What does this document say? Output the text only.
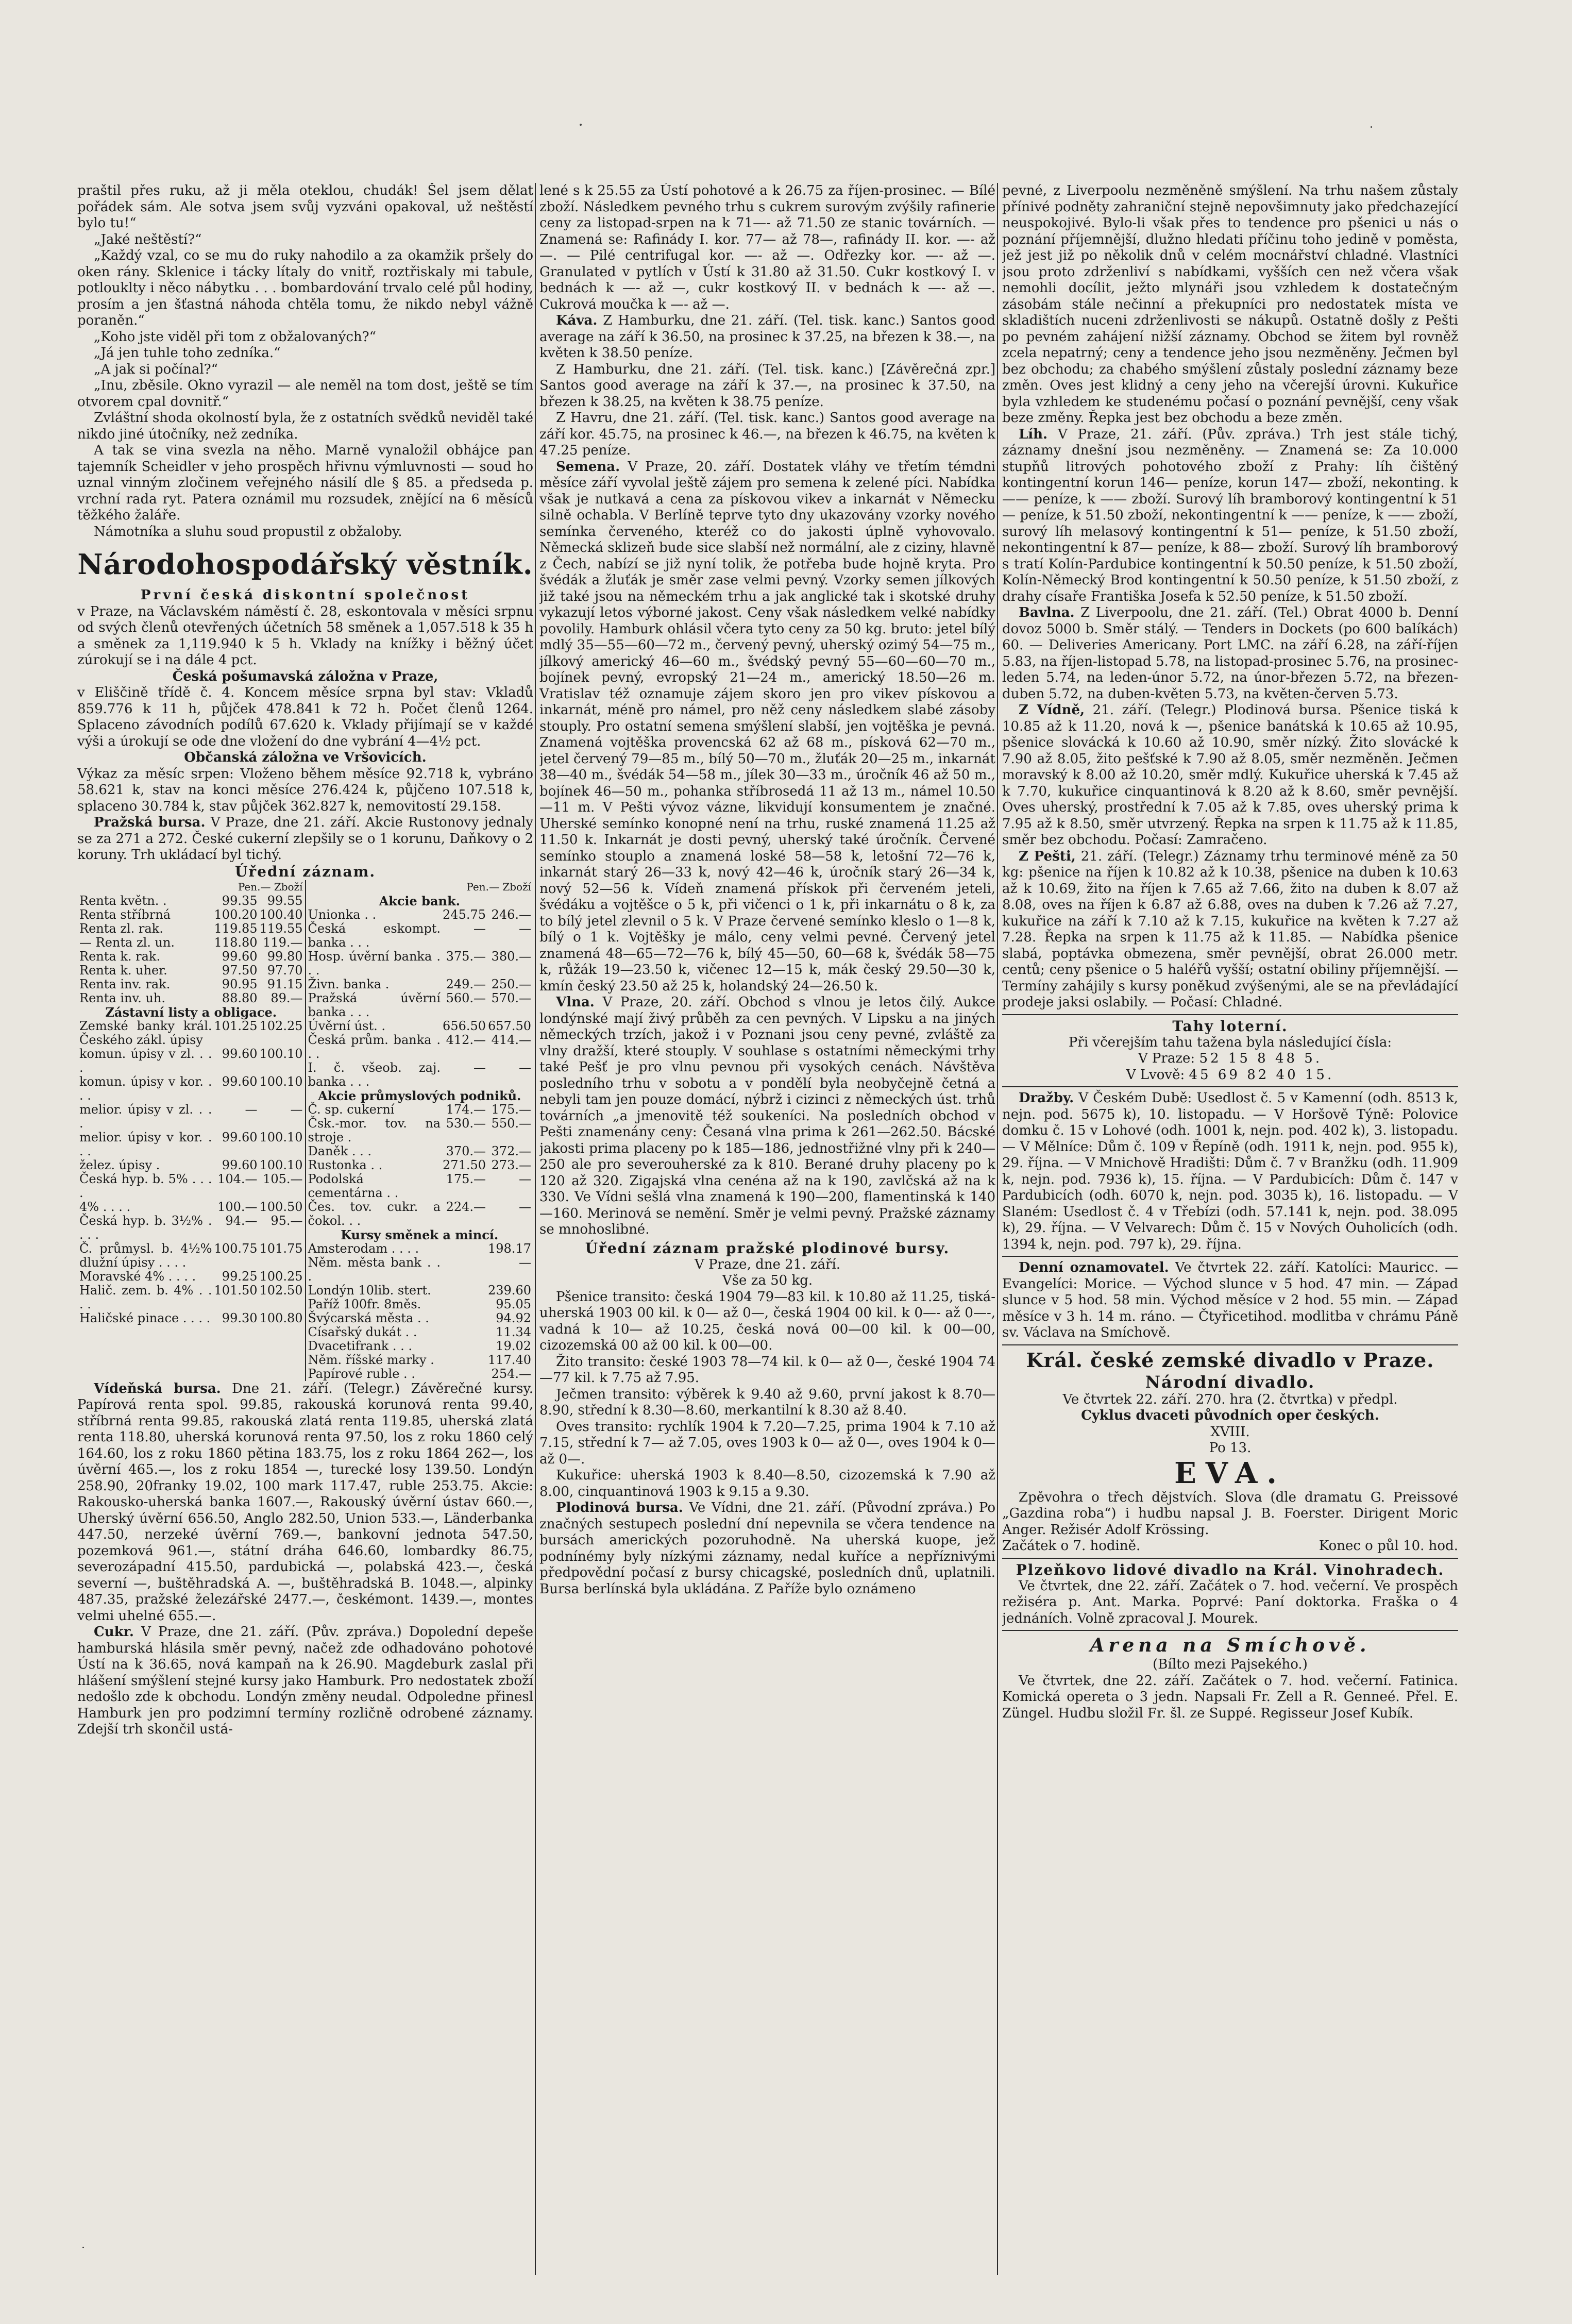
praštil přes ruku, až ji měla oteklou, chudák! Šel jsem dělat pořádek sám. Ale sotva jsem svůj vyzváni opakoval, už neštěstí bylo tu!“

„Jaké neštěstí?“

„Každý vzal, co se mu do ruky nahodilo a za okamžik pršely do oken rány. Sklenice i tácky lítaly do vnitř, roztřiskaly mi tabule, potlouklty i něco nábytku . . . bombardování trvalo celé půl hodiny, prosím a jen šťastná náhoda chtěla tomu, že nikdo nebyl vážně poraněn.“

„Koho jste viděl při tom z obžalovaných?“

„Já jen tuhle toho zedníka.“

„A jak si počínal?“

„Inu, zběsile. Okno vyrazil — ale neměl na tom dost, ještě se tím otvorem cpal dovnitř.“

Zvláštní shoda okolností byla, že z ostatních svědků neviděl také nikdo jiné útočníky, než zedníka.

A tak se vina svezla na něho. Marně vynaložil obhájce pan tajemník Scheidler v jeho prospěch hřivnu výmluvnosti — soud ho uznal vinným zločinem veřejného násilí dle § 85. a předseda p. vrchní rada ryt. Patera oznámil mu rozsudek, znějící na 6 měsíců těžkého žaláře.

Námotníka a sluhu soud propustil z obžaloby.

Národohospodářský věstník.

První česká diskontní společnost

v Praze, na Václavském náměstí č. 28, eskontovala v měsíci srpnu od svých členů otevřených účetních 58 směnek a 1,057.518 k 35 h a směnek za 1,119.940 k 5 h. Vklady na knížky i běžný účet zúrokují se i na dále 4 pct.

Česká pošumavská záložna v Praze,

v Eliščině třídě č. 4. Koncem měsíce srpna byl stav: Vkladů 859.776 k 11 h, půjček 478.841 k 72 h. Počet členů 1264. Splaceno závodních podílů 67.620 k. Vklady přijímají se v každé výši a úrokují se ode dne vložení do dne vybrání 4—4½ pct.

Občanská záložna ve Vršovicích.

Výkaz za měsíc srpen: Vloženo během měsíce 92.718 k, vybráno 58.621 k, stav na konci měsíce 276.424 k, půjčeno 107.518 k, splaceno 30.784 k, stav půjček 362.827 k, nemovitostí 29.158.

Pražská bursa. V Praze, dne 21. září. Akcie Rustonovy jednaly se za 271 a 272. České cukerní zlepšily se o 1 korunu, Daňkovy o 2 koruny. Trh ukládací byl tichý.

Úřední záznam.
	Pen.— Zboží
Renta květn. .	99.35	99.55
Renta stříbrná	100.20	100.40
Renta zl. rak.	119.85	119.55
— Renta zl. un.	118.80	119.—
Renta k. rak.	99.60	99.80
Renta k. uher.	97.50	97.70
Renta inv. rak.	90.95	91.15
Renta inv. uh.	88.80	89.—
Zástavní listy a obligace.
Zemské banky král. Českého zákl. úpisy	101.25	102.25
komun. úpisy v zl. . . .	99.60	100.10
komun. úpisy v kor. . . .	99.60	100.10
melior. úpisy v zl. . . .	—	—
melior. úpisy v kor. . . .	99.60	100.10
želez. úpisy .	99.60	100.10
Česká hyp. b. 5% . . . .	104.—	105.—
4% . . . .	100.—	100.50
Česká hyp. b. 3½% . . . .	94.—	95.—
Č. průmysl. b. 4½% dlužní úpisy . . . .	100.75	101.75
Moravské 4% . . . .	99.25	100.25
Halič. zem. b. 4% . . . .	101.50	102.50
Haličské pinace . . . .	99.30	100.80

	Pen.— Zboží
Akcie bank.
Unionka . .	245.75	246.—
Česká eskompt. banka . . .	—	—
Hosp. úvěrní banka . . .	375.—	380.—
Živn. banka .	249.—	250.—
Pražská úvěrní banka . . .	560.—	570.—
Úvěrní úst. .	656.50	657.50
Česká prům. banka . . .	412.—	414.—
I. č. všeob. zaj. banka . . .	—	—
Akcie průmyslových podniků.
Č. sp. cukerní	174.—	175.—
Čsk.-mor. tov. na stroje .	530.—	550.—
Daněk . . .	370.—	372.—
Rustonka . .	271.50	273.—
Podolská cementárna . .	175.—	—
Čes. tov. cukr. a čokol. . .	224.—	—
Kursy směnek a mincí.
Amsterodam . . . .		198.17
Něm. města bank . . .		—
Londýn 10lib. stert.		239.60
Paříž 100fr. 8měs.		95.05
Švýcarská města . .		94.92
Císařský dukát . .		11.34
Dvacetifrank . . .		19.02
Něm. říšské marky .		117.40
Papírové ruble . .		254.—

Vídeňská bursa. Dne 21. září. (Telegr.) Závěrečné kursy. Papírová renta spol. 99.85, rakouská korunová renta 99.40, stříbrná renta 99.85, rakouská zlatá renta 119.85, uherská zlatá renta 118.80, uherská korunová renta 97.50, los z roku 1860 celý 164.60, los z roku 1860 pětina 183.75, los z roku 1864 262—, los úvěrní 465.—, los z roku 1854 —, turecké losy 139.50. Londýn 258.90, 20franky 19.02, 100 mark 117.47, ruble 253.75. Akcie: Rakousko-uherská banka 1607.—, Rakouský úvěrní ústav 660.—, Uherský úvěrní 656.50, Anglo 282.50, Union 533.—, Länderbanka 447.50, nerzeké úvěrní 769.—, bankovní jednota 547.50, pozemková 961.—, státní dráha 646.60, lombardky 86.75, severozápadní 415.50, pardubická —, polabská 423.—, česká severní —, buštěhradská A. —, buštěhradská B. 1048.—, alpinky 487.35, pražské železářské 2477.—, českémont. 1439.—, montes velmi uhelné 655.—.

Cukr. V Praze, dne 21. září. (Pův. zpráva.) Dopolední depeše hamburská hlásila směr pevný, načež zde odhadováno pohotové Ústí na k 36.65, nová kampaň na k 26.90. Magdeburk zaslal při hlášení smýšlení stejné kursy jako Hamburk. Pro nedostatek zboží nedošlo zde k obchodu. Londýn změny neudal. Odpoledne přinesl Hamburk jen pro podzimní termíny rozličně odrobené záznamy. Zdejší trh skončil ustá-

lené s k 25.55 za Ústí pohotové a k 26.75 za říjen-prosinec. — Bílé zboží. Následkem pevného trhu s cukrem surovým zvýšily rafinerie ceny za listopad-srpen na k 71—- až 71.50 ze stanic továrních. — Znamená se: Rafinády I. kor. 77— až 78—, rafinády II. kor. —- až —. — Pilé centrifugal kor. —- až —. Odřezky kor. —- až —. Granulated v pytlích v Ústí k 31.80 až 31.50. Cukr kostkový I. v bednách k —- až —, cukr kostkový II. v bednách k —- až —. Cukrová moučka k —- až —.

Káva. Z Hamburku, dne 21. září. (Tel. tisk. kanc.) Santos good average na září k 36.50, na prosinec k 37.25, na březen k 38.—, na květen k 38.50 peníze.

Z Hamburku, dne 21. září. (Tel. tisk. kanc.) [Závěrečná zpr.] Santos good average na září k 37.—, na prosinec k 37.50, na březen k 38.25, na květen k 38.75 peníze.

Z Havru, dne 21. září. (Tel. tisk. kanc.) Santos good average na září kor. 45.75, na prosinec k 46.—, na březen k 46.75, na květen k 47.25 peníze.

Semena. V Praze, 20. září. Dostatek vláhy ve třetím témdni měsíce září vyvolal ještě zájem pro semena k zelené píci. Nabídka však je nutkavá a cena za pískovou vikev a inkarnát v Německu silně ochabla. V Berlíně teprve tyto dny ukazovány vzorky nového semínka červeného, kteréž co do jakosti úplně vyhovovalo. Německá sklizeň bude sice slabší než normální, ale z ciziny, hlavně z Čech, nabízí se již nyní tolik, že potřeba bude hojně kryta. Pro švédák a žluťák je směr zase velmi pevný. Vzorky semen jílkových již také jsou na německém trhu a jak anglické tak i skotské druhy vykazují letos výborné jakost. Ceny však následkem velké nabídky povolily. Hamburk ohlásil včera tyto ceny za 50 kg. bruto: jetel bílý mdlý 35—55—60—72 m., červený pevný, uherský ozimý 54—75 m., jílkový americký 46—60 m., švédský pevný 55—60—60—70 m., bojínek pevný, evropský 21—24 m., americký 18.50—26 m. Vratislav též oznamuje zájem skoro jen pro vikev pískovou a inkarnát, méně pro námel, pro něž ceny následkem slabé zásoby stouply. Pro ostatní semena smýšlení slabší, jen vojtěška je pevná. Znamená vojtěška provencská 62 až 68 m., písková 62—70 m., jetel červený 79—85 m., bílý 50—70 m., žluťák 20—25 m., inkarnát 38—40 m., švédák 54—58 m., jílek 30—33 m., úročník 46 až 50 m., bojínek 46—50 m., pohanka stříbrosedá 11 až 13 m., námel 10.50—11 m. V Pešti vývoz vázne, likvidují konsumentem je značné. Uherské semínko konopné není na trhu, ruské znamená 11.25 až 11.50 k. Inkarnát je dosti pevný, uherský také úročník. Červené semínko stouplo a znamená loské 58—58 k, letošní 72—76 k, inkarnát starý 26—33 k, nový 42—46 k, úročník starý 26—34 k, nový 52—56 k. Vídeň znamená přískok při červeném jeteli, švédáku a vojtěšce o 5 k, při vičenci o 1 k, při inkarnátu o 8 k, za to bílý jetel zlevnil o 5 k. V Praze červené semínko kleslo o 1—8 k, bílý o 1 k. Vojtěšky je málo, ceny velmi pevné. Červený jetel znamená 48—65—72—76 k, bílý 45—50, 60—68 k, švédák 58—75 k, růžák 19—23.50 k, vičenec 12—15 k, mák český 29.50—30 k, kmín český 23.50 až 25 k, holandský 24—26.50 k.

Vlna. V Praze, 20. září. Obchod s vlnou je letos čilý. Aukce londýnské mají živý průběh za cen pevných. V Lipsku a na jiných německých trzích, jakož i v Poznani jsou ceny pevné, zvláště za vlny dražší, které stouply. V souhlase s ostatními německými trhy také Pešť je pro vlnu pevnou při vysokých cenách. Návštěva posledního trhu v sobotu a v pondělí byla neobyčejně četná a nebyli tam jen pouze domácí, nýbrž i cizinci z německých úst. trhů továrních „a jmenovitě též soukeníci. Na posledních obchod v Pešti znamenány ceny: Česaná vlna prima k 261—262.50. Bácské jakosti prima placeny po k 185—186, jednostřižné vlny při k 240—250 ale pro severouherské za k 810. Berané druhy placeny po k 120 až 320. Zigajská vlna cenéna až na k 190, zavlčská až na k 330. Ve Vídni sešlá vlna znamená k 190—200, flamentinská k 140—160. Merinová se nemění. Směr je velmi pevný. Pražské záznamy se mnohoslibné.

Úřední záznam pražské plodinové bursy.

V Praze, dne 21. září.

Vše za 50 kg.

Pšenice transito: česká 1904 79—83 kil. k 10.80 až 11.25, tiská-uherská 1903 00 kil. k 0— až 0—, česká 1904 00 kil. k 0—- až 0—-, vadná k 10— až 10.25, česká nová 00—00 kil. k 00—00, cizozemská 00 až 00 kil. k 00—00.

Žito transito: české 1903 78—74 kil. k 0— až 0—, české 1904 74—77 kil. k 7.75 až 7.95.

Ječmen transito: výběrek k 9.40 až 9.60, první jakost k 8.70—8.90, střední k 8.30—8.60, merkantilní k 8.30 až 8.40.

Oves transito: rychlík 1904 k 7.20—7.25, prima 1904 k 7.10 až 7.15, střední k 7— až 7.05, oves 1903 k 0— až 0—, oves 1904 k 0— až 0—.

Kukuřice: uherská 1903 k 8.40—8.50, cizozemská k 7.90 až 8.00, cinquantinová 1903 k 9.15 a 9.30.

Plodinová bursa. Ve Vídni, dne 21. září. (Původní zpráva.) Po značných sestupech poslední dní nepevnila se včera tendence na bursách amerických pozoruhodně. Na uherská kuope, jež podnínémy byly nízkými záznamy, nedal kuříce a nepříznivými předpovědní počasí z bursy chicagské, posledních dnů, uplatnili. Bursa berlínská byla ukládána. Z Paříže bylo oznámeno

pevné, z Liverpoolu nezměněně smýšlení. Na trhu našem zůstaly přínivé podněty zahraniční stejně nepovšimnuty jako předchazející neuspokojivé. Bylo-li však přes to tendence pro pšenici u nás o poznání příjemnější, dlužno hledati příčinu toho jedině v poměsta, jež jest již po několik dnů v celém mocnářství chladné. Vlastníci jsou proto zdrženliví s nabídkami, vyšších cen než včera však nemohli docílit, ježto mlynáři jsou vzhledem k dostatečným zásobám stále nečinní a překupníci pro nedostatek místa ve skladištích nuceni zdrženlivosti se nákupů. Ostatně došly z Pešti po pevném zahájení nižší záznamy. Obchod se žitem byl rovněž zcela nepatrný; ceny a tendence jeho jsou nezměněny. Ječmen byl bez obchodu; za chabého smýšlení zůstaly poslední záznamy beze změn. Oves jest klidný a ceny jeho na včerejší úrovni. Kukuřice byla vzhledem ke studenému počasí o poznání pevnější, ceny však beze změny. Řepka jest bez obchodu a beze změn.

Líh. V Praze, 21. září. (Pův. zpráva.) Trh jest stále tichý, záznamy dnešní jsou nezměněny. — Znamená se: Za 10.000 stupňů litrových pohotového zboží z Prahy: líh čištěný kontingentní korun 146— peníze, korun 147— zboží, nekonting. k —— peníze, k —— zboží. Surový líh bramborový kontingentní k 51— peníze, k 51.50 zboží, nekontingentní k —— peníze, k —— zboží, surový líh melasový kontingentní k 51— peníze, k 51.50 zboží, nekontingentní k 87— peníze, k 88— zboží. Surový líh bramborový s tratí Kolín-Pardubice kontingentní k 50.50 peníze, k 51.50 zboží, Kolín-Německý Brod kontingentní k 50.50 peníze, k 51.50 zboží, z drahy císaře Františka Josefa k 52.50 peníze, k 51.50 zboží.

Bavlna. Z Liverpoolu, dne 21. září. (Tel.) Obrat 4000 b. Denní dovoz 5000 b. Směr stálý. — Tenders in Dockets (po 600 balíkách) 60. — Deliveries Americany. Port LMC. na září 6.28, na září-říjen 5.83, na říjen-listopad 5.78, na listopad-prosinec 5.76, na prosinec-leden 5.74, na leden-únor 5.72, na únor-březen 5.72, na březen-duben 5.72, na duben-květen 5.73, na květen-červen 5.73.

Z Vídně, 21. září. (Telegr.) Plodinová bursa. Pšenice tiská k 10.85 až k 11.20, nová k —, pšenice banátská k 10.65 až 10.95, pšenice slovácká k 10.60 až 10.90, směr nízký. Žito slovácké k 7.90 až 8.05, žito pešťské k 7.90 až 8.05, směr nezměněn. Ječmen moravský k 8.00 až 10.20, směr mdlý. Kukuřice uherská k 7.45 až k 7.70, kukuřice cinquantinová k 8.20 až k 8.60, směr pevnější. Oves uherský, prostřední k 7.05 až k 7.85, oves uherský prima k 7.95 až k 8.50, směr utvrzený. Řepka na srpen k 11.75 až k 11.85, směr bez obchodu. Počasí: Zamračeno.

Z Pešti, 21. září. (Telegr.) Záznamy trhu terminové méně za 50 kg: pšenice na říjen k 10.82 až k 10.38, pšenice na duben k 10.63 až k 10.69, žito na říjen k 7.65 až 7.66, žito na duben k 8.07 až 8.08, oves na říjen k 6.87 až 6.88, oves na duben k 7.26 až 7.27, kukuřice na září k 7.10 až k 7.15, kukuřice na květen k 7.27 až 7.28. Řepka na srpen k 11.75 až k 11.85. — Nabídka pšenice slabá, poptávka obmezena, směr pevnější, obrat 26.000 metr. centů; ceny pšenice o 5 haléřů vyšší; ostatní obiliny příjemnější. — Termíny zahájily s kursy poněkud zvýšenými, ale se na převládající prodeje jaksi oslabily. — Počasí: Chladné.

Tahy loterní.

Při včerejším tahu tažena byla následující čísla:

V Praze: 52 15 8 48 5.

V Lvově: 45 69 82 40 15.

Dražby. V Českém Dubě: Usedlost č. 5 v Kamenní (odh. 8513 k, nejn. pod. 5675 k), 10. listopadu. — V Horšově Týně: Polovice domku č. 15 v Lohové (odh. 1001 k, nejn. pod. 402 k), 3. listopadu. — V Mělníce: Dům č. 109 v Řepíně (odh. 1911 k, nejn. pod. 955 k), 29. října. — V Mnichově Hradišti: Dům č. 7 v Branžku (odh. 11.909 k, nejn. pod. 7936 k), 15. října. — V Pardubicích: Dům č. 147 v Pardubicích (odh. 6070 k, nejn. pod. 3035 k), 16. listopadu. — V Slaném: Usedlost č. 4 v Třebízi (odh. 57.141 k, nejn. pod. 38.095 k), 29. října. — V Velvarech: Dům č. 15 v Nových Ouholicích (odh. 1394 k, nejn. pod. 797 k), 29. října.

Denní oznamovatel. Ve čtvrtek 22. září. Katolíci: Mauricc. — Evangelíci: Morice. — Východ slunce v 5 hod. 47 min. — Západ slunce v 5 hod. 58 min. Východ měsíce v 2 hod. 55 min. — Západ měsíce v 3 h. 14 m. ráno. — Čtyřicetihod. modlitba v chrámu Páně sv. Václava na Smíchově.

Král. české zemské divadlo v Praze.
Národní divadlo.

Ve čtvrtek 22. září. 270. hra (2. čtvrtka) v předpl.

Cyklus dvaceti původních oper českých.

XVIII.

Po 13.

EVA.

Zpěvohra o třech dějstvích. Slova (dle dramatu G. Preissové „Gazdina roba“) i hudbu napsal J. B. Foerster. Dirigent Moric Anger. Režisér Adolf Krössing.

Začátek o 7. hodině.	Konec o půl 10. hod.

Plzeňkovo lidové divadlo na Král. Vinohradech.

Ve čtvrtek, dne 22. září. Začátek o 7. hod. večerní. Ve prospěch režiséra p. Ant. Marka. Poprvé: Paní doktorka. Fraška o 4 jednáních. Volně zpracoval J. Mourek.

Arena na Smíchově.

(Bílto mezi Pajsekého.)

Ve čtvrtek, dne 22. září. Začátek o 7. hod. večerní. Fatinica. Komická opereta o 3 jedn. Napsali Fr. Zell a R. Genneé. Přel. E. Züngel. Hudbu složil Fr. šl. ze Suppé. Regisseur Josef Kubík.
